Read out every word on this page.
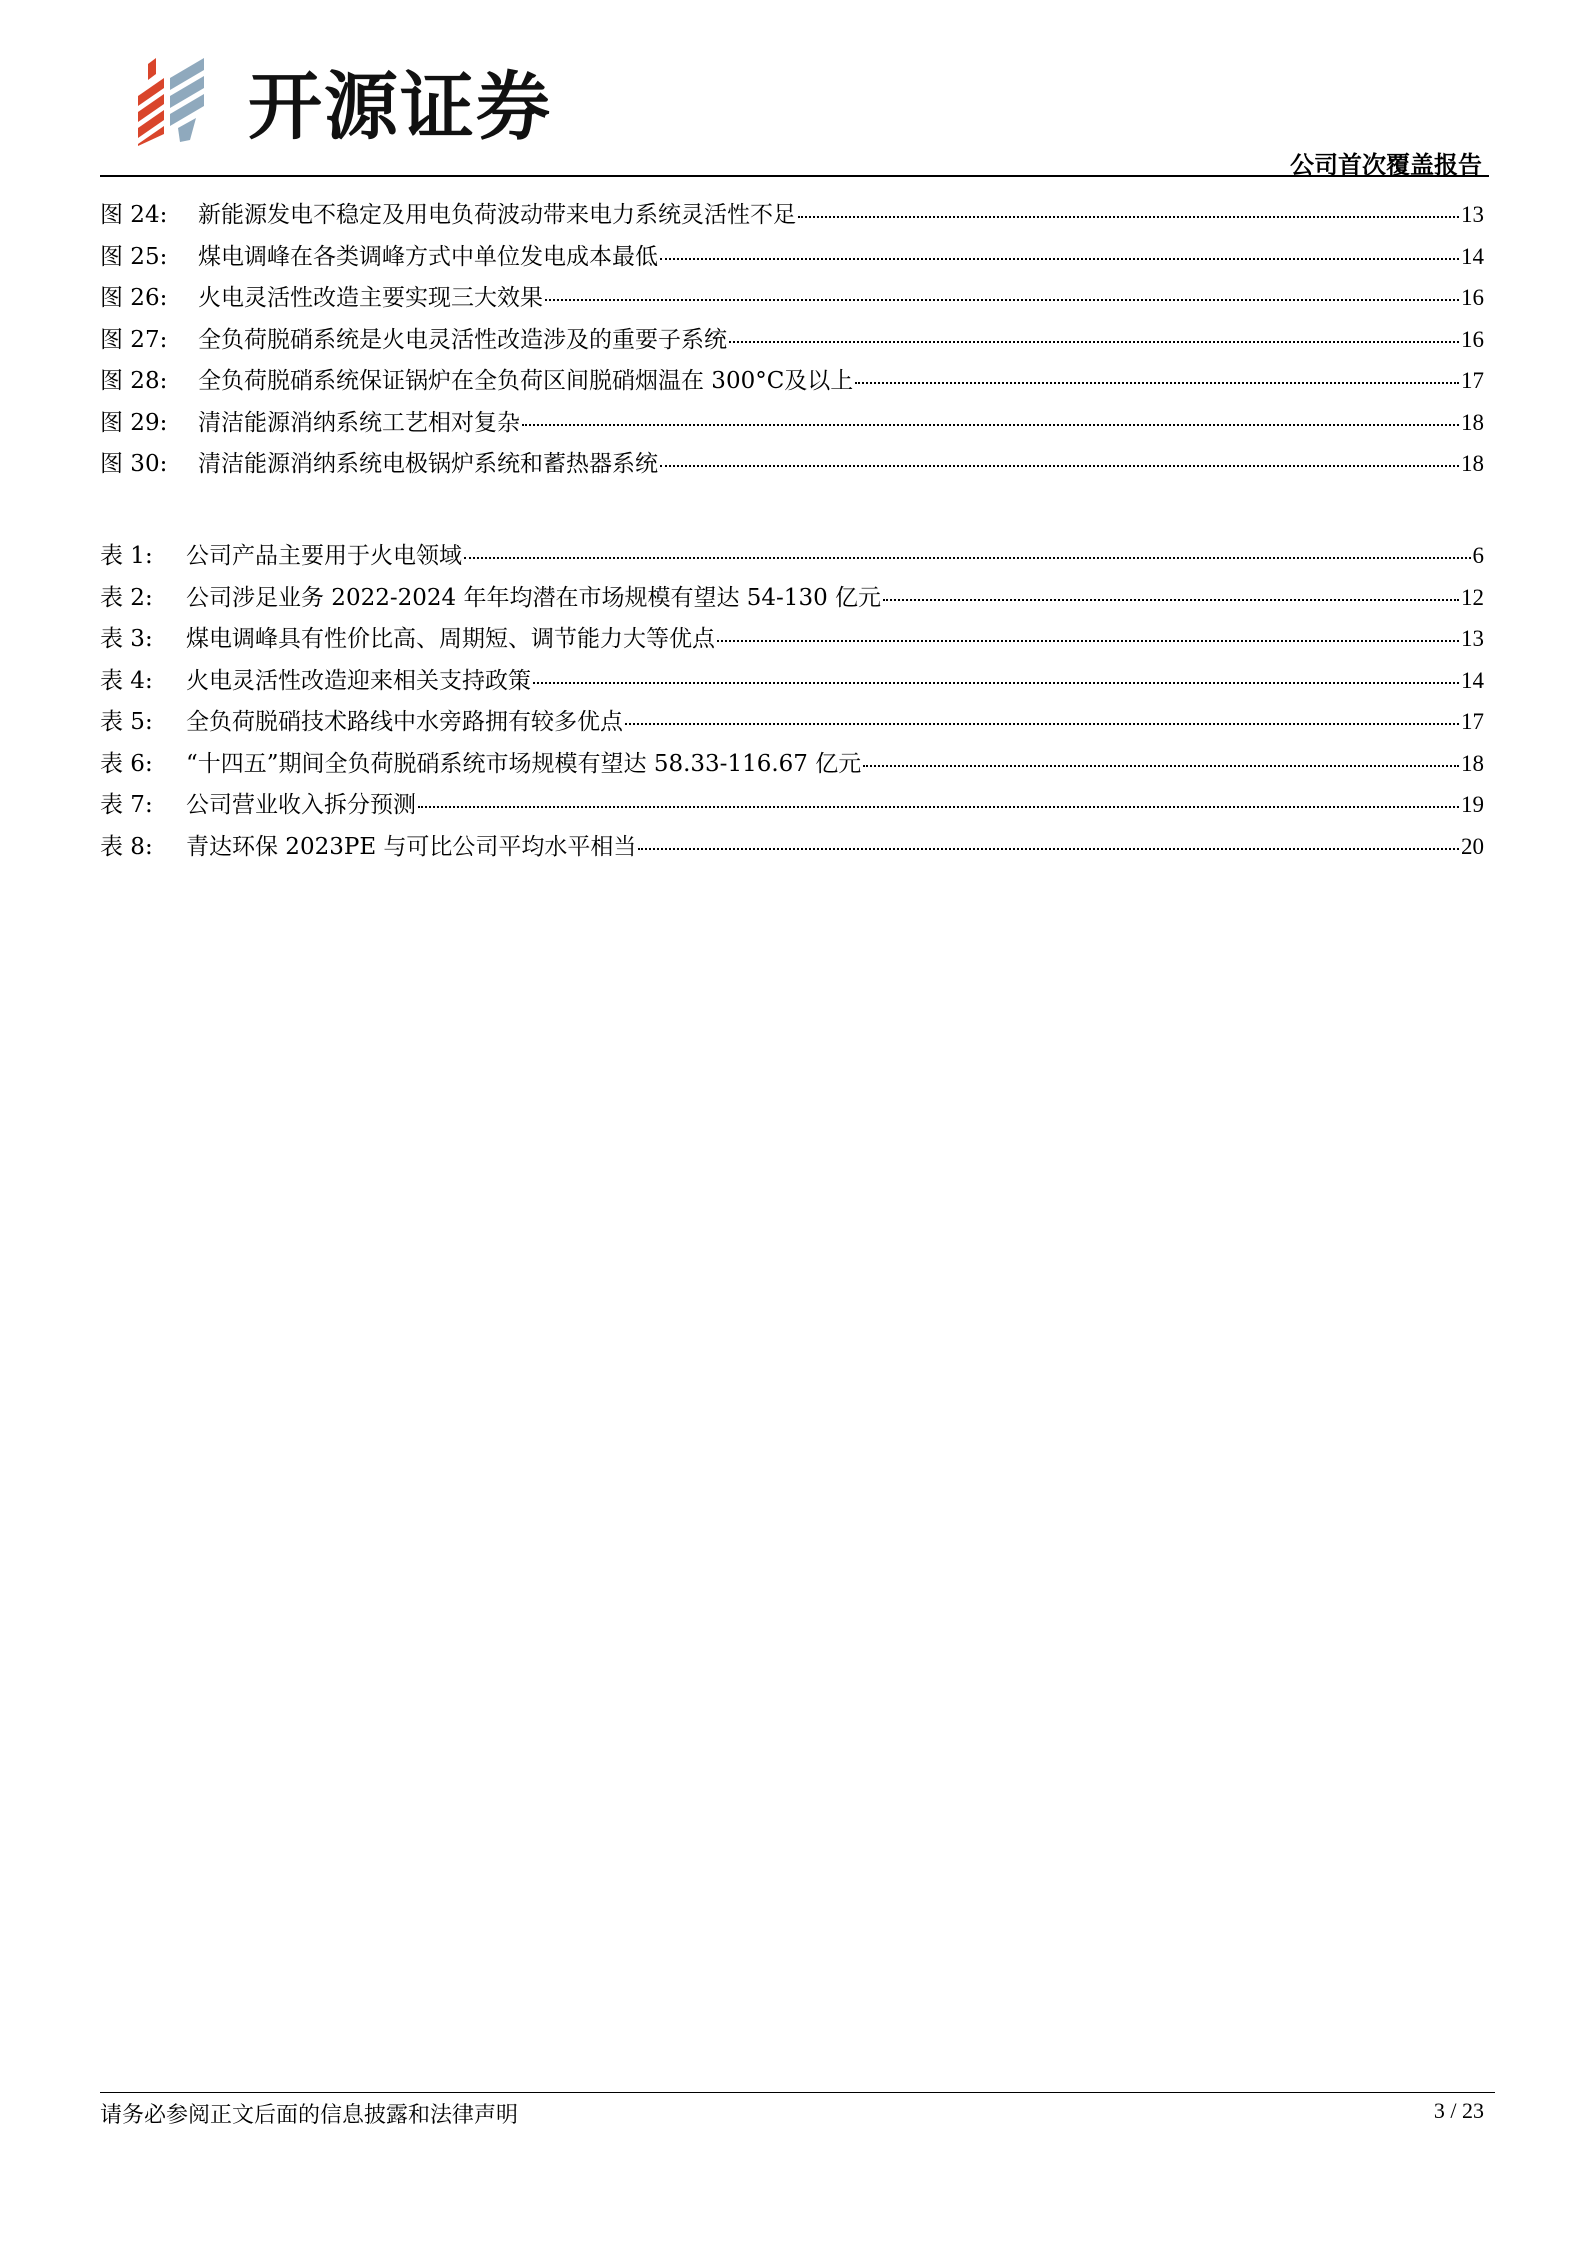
开源证券
公司首次覆盖报告
图 24:	新能源发电不稳定及用电负荷波动带来电力系统灵活性不足	13
图 25:	煤电调峰在各类调峰方式中单位发电成本最低	14
图 26:	火电灵活性改造主要实现三大效果	16
图 27:	全负荷脱硝系统是火电灵活性改造涉及的重要子系统	16
图 28:	全负荷脱硝系统保证锅炉在全负荷区间脱硝烟温在 300°C及以上	17
图 29:	清洁能源消纳系统工艺相对复杂	18
图 30:	清洁能源消纳系统电极锅炉系统和蓄热器系统	18
表 1:	公司产品主要用于火电领域	6
表 2:	公司涉足业务 2022-2024 年年均潜在市场规模有望达 54-130 亿元	12
表 3:	煤电调峰具有性价比高、周期短、调节能力大等优点	13
表 4:	火电灵活性改造迎来相关支持政策	14
表 5:	全负荷脱硝技术路线中水旁路拥有较多优点	17
表 6:	“十四五”期间全负荷脱硝系统市场规模有望达 58.33-116.67 亿元	18
表 7:	公司营业收入拆分预测	19
表 8:	青达环保 2023PE 与可比公司平均水平相当	20
请务必参阅正文后面的信息披露和法律声明	3 / 23
